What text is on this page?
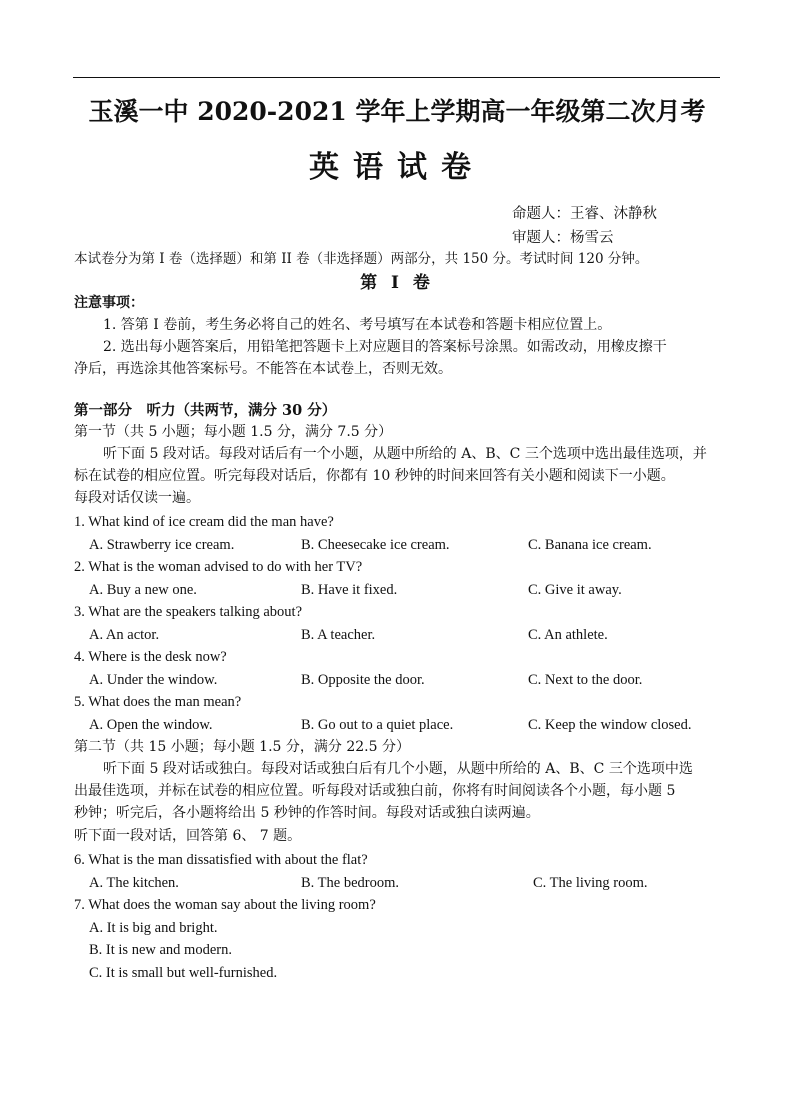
玉溪一中 2020-2021 学年上学期高一年级第二次月考
英语试卷
命题人：王睿、沐静秋
审题人：杨雪云
本试卷分为第 I 卷（选择题）和第 II 卷（非选择题）两部分，共 150 分。考试时间 120 分钟。
第 I 卷
注意事项：
1. 答第 I 卷前，考生务必将自己的姓名、考号填写在本试卷和答题卡相应位置上。
2. 选出每小题答案后，用铅笔把答题卡上对应题目的答案标号涂黑。如需改动，用橡皮擦干
净后，再选涂其他答案标号。不能答在本试卷上，否则无效。
第一部分　听力（共两节，满分 30 分）
第一节（共 5 小题；每小题 1.5 分，满分 7.5 分）
听下面 5 段对话。每段对话后有一个小题，从题中所给的 A、B、C 三个选项中选出最佳选项，并
标在试卷的相应位置。听完每段对话后，你都有 10 秒钟的时间来回答有关小题和阅读下一小题。
每段对话仅读一遍。
1. What kind of ice cream did the man have?
A. Strawberry ice cream.	B. Cheesecake ice cream.	C. Banana ice cream.
2. What is the woman advised to do with her TV?
A. Buy a new one.	B. Have it fixed.	C. Give it away.
3. What are the speakers talking about?
A. An actor.	B. A teacher.	C. An athlete.
4. Where is the desk now?
A. Under the window.	B. Opposite the door.	C. Next to the door.
5. What does the man mean?
A. Open the window.	B. Go out to a quiet place.	C. Keep the window closed.
第二节（共 15 小题；每小题 1.5 分，满分 22.5 分）
听下面 5 段对话或独白。每段对话或独白后有几个小题，从题中所给的 A、B、C 三个选项中选
出最佳选项，并标在试卷的相应位置。听每段对话或独白前，你将有时间阅读各个小题，每小题 5
秒钟；听完后，各小题将给出 5 秒钟的作答时间。每段对话或独白读两遍。
听下面一段对话，回答第 6、 7 题。
6. What is the man dissatisfied with about the flat?
A. The kitchen.	B. The bedroom.	C. The living room.
7. What does the woman say about the living room?
A. It is big and bright.
B. It is new and modern.
C. It is small but well-furnished.
